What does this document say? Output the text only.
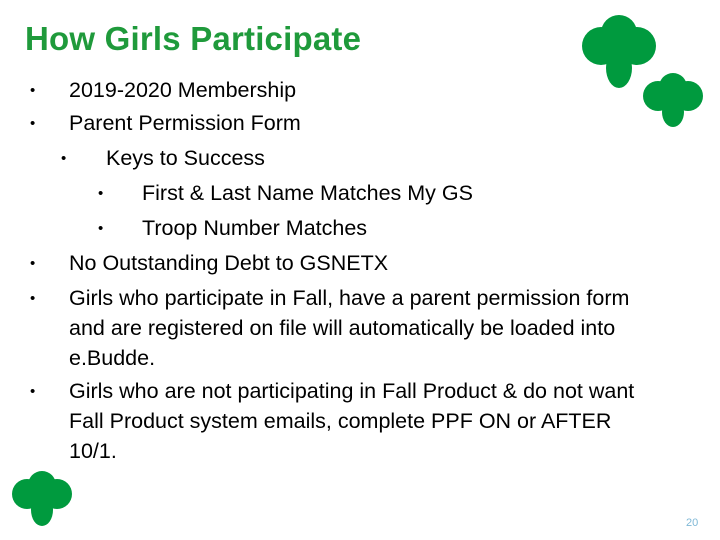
How Girls Participate
• 2019-2020 Membership
• Parent Permission Form
• Keys to Success
• First & Last Name Matches My GS
• Troop Number Matches
• No Outstanding Debt to GSNETX
• Girls who participate in Fall, have a parent permission form
and are registered on file will automatically be loaded into
e.Budde.
• Girls who are not participating in Fall Product & do not want
Fall Product system emails, complete PPF ON or AFTER
10/1.
20
